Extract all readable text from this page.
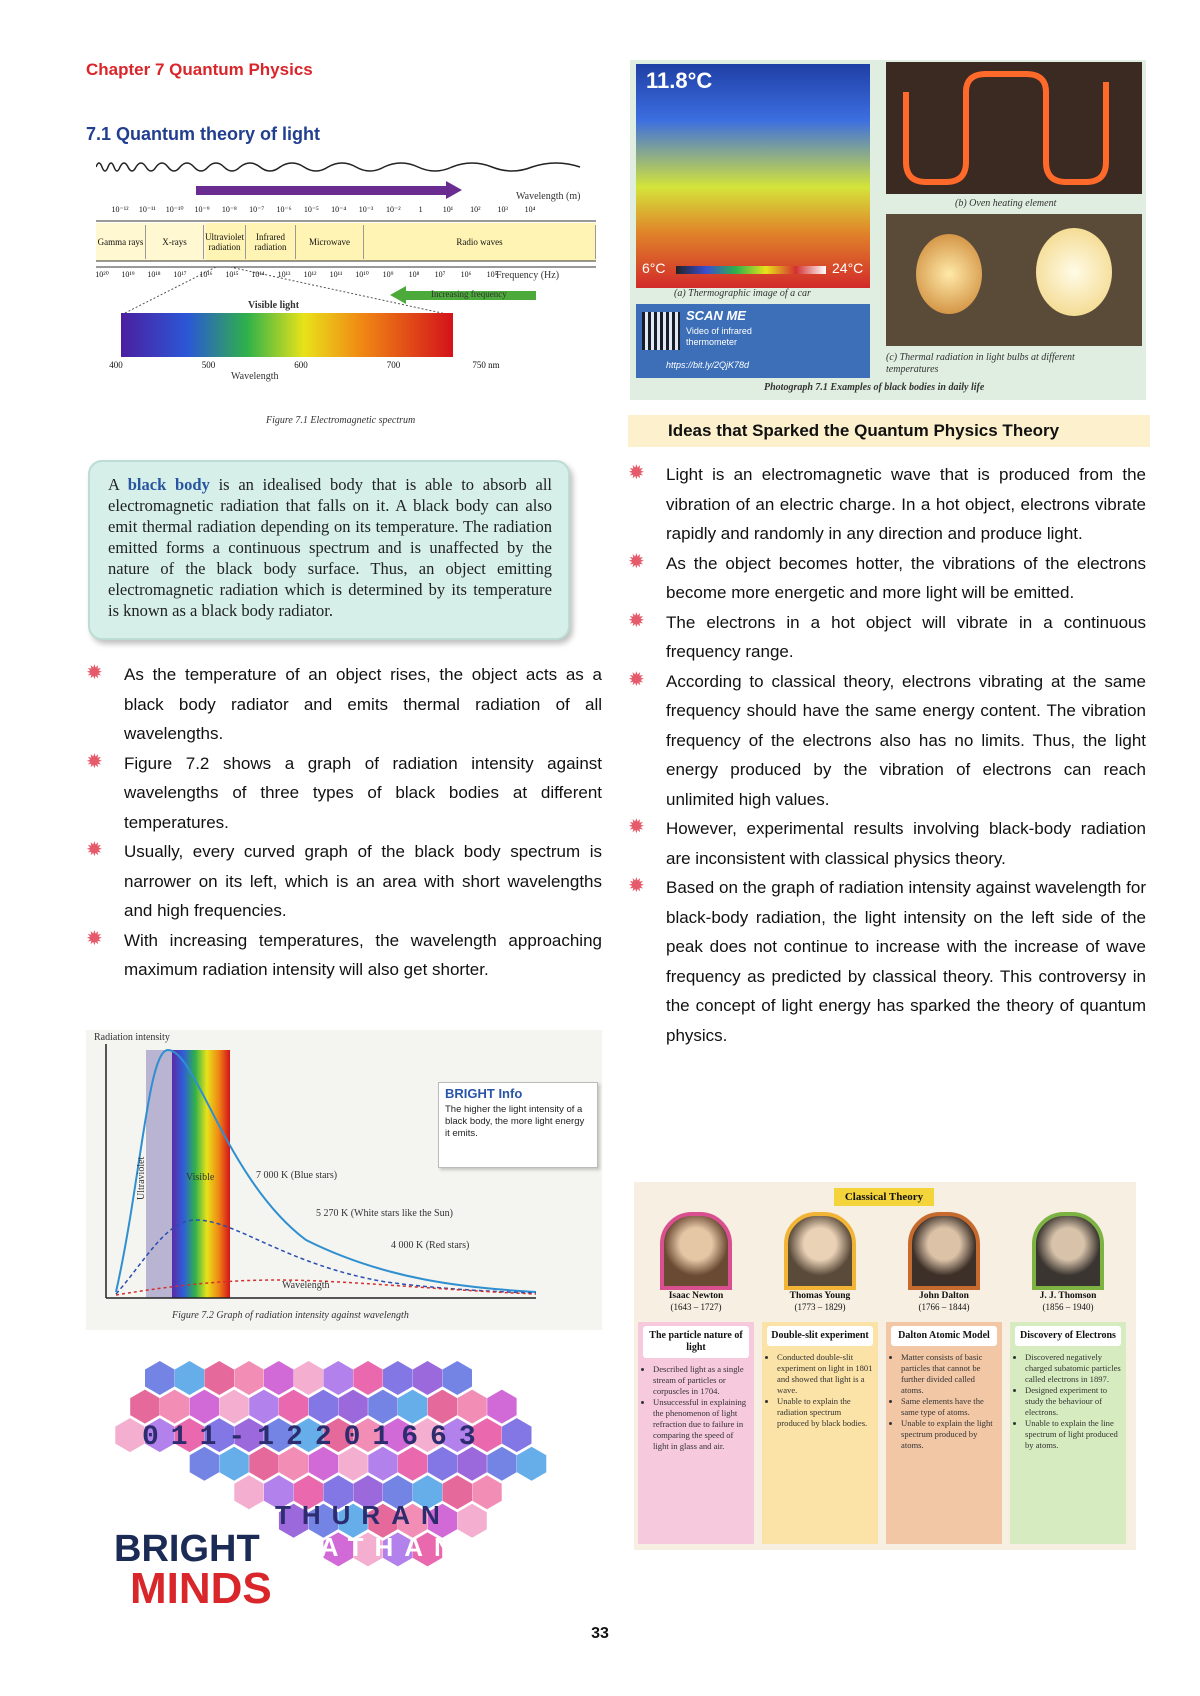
Chapter 7 Quantum Physics
7.1 Quantum theory of light
Increasing wavelength
Wavelength (m)
10⁻¹² 10⁻¹¹ 10⁻¹⁰ 10⁻⁹ 10⁻⁸ 10⁻⁷ 10⁻⁶ 10⁻⁵ 10⁻⁴ 10⁻³ 10⁻² 1	10¹ 10² 10³ 10⁴
Gamma rays	X-rays	Ultraviolet radiation
Infrared radiation	Microwave	Radio waves
10²⁰ 10¹⁹ 10¹⁸ 10¹⁷ 10¹⁶ 10¹⁵ 10¹⁴ 10¹³ 10¹² 10¹¹ 10¹⁰ 10⁹ 10⁸ 10⁷ 10⁶ 10⁵
Frequency (Hz)
Increasing frequency
Visible light
400	500	600	700	750 nm
Wavelength
Figure 7.1 Electromagnetic spectrum
A black body is an idealised body that is able to absorb all electromagnetic radiation that falls on it. A black body can also emit thermal radiation depending on its temperature. The radiation emitted forms a continuous spectrum and is unaffected by the nature of the black body surface. Thus, an object emitting electromagnetic radiation which is determined by its temperature is known as a black body radiator.
✹ As the temperature of an object rises, the object acts as a black body radiator and emits thermal radiation of all wavelengths.
✹ Figure 7.2 shows a graph of radiation intensity against wavelengths of three types of black bodies at different temperatures.
✹ Usually, every curved graph of the black body spectrum is narrower on its left, which is an area with short wavelengths and high frequencies.
✹ With increasing temperatures, the wavelength approaching maximum radiation intensity will also get shorter.
Radiation intensity
Ultraviolet	Visible	7 000 K (Blue stars)
5 270 K (White stars like the Sun)
4 000 K (Red stars)
Wavelength
BRIGHT Info
The higher the light intensity of a black body, the more light energy it emits.
Figure 7.2 Graph of radiation intensity against wavelength
011-12201663
THURAN
NATHAN
BRIGHT
MINDS
11.8°C
6°C	24°C
(a) Thermographic image of a car
(b) Oven heating element
(c) Thermal radiation in light bulbs at different temperatures
SCAN ME
Video of infrared thermometer
https://bit.ly/2QjK78d
Photograph 7.1 Examples of black bodies in daily life
Ideas that Sparked the Quantum Physics Theory
✹ Light is an electromagnetic wave that is produced from the vibration of an electric charge. In a hot object, electrons vibrate rapidly and randomly in any direction and produce light.
✹ As the object becomes hotter, the vibrations of the electrons become more energetic and more light will be emitted.
✹ The electrons in a hot object will vibrate in a continuous frequency range.
✹ According to classical theory, electrons vibrating at the same frequency should have the same energy content. The vibration frequency of the electrons also has no limits. Thus, the light energy produced by the vibration of electrons can reach unlimited high values.
✹ However, experimental results involving black-body radiation are inconsistent with classical physics theory.
✹ Based on the graph of radiation intensity against wavelength for black-body radiation, the light intensity on the left side of the peak does not continue to increase with the increase of wave frequency as predicted by classical theory. This controversy in the concept of light energy has sparked the theory of quantum physics.
Classical Theory
Isaac Newton
(1643 – 1727)
Thomas Young
(1773 – 1829)
John Dalton
(1766 – 1844)
J. J. Thomson
(1856 – 1940)
The particle nature of light
• Described light as a single stream of particles or corpuscles in 1704.
• Unsuccessful in explaining the phenomenon of light refraction due to failure in comparing the speed of light in glass and air.
Double-slit experiment
• Conducted double-slit experiment on light in 1801 and showed that light is a wave.
• Unable to explain the radiation spectrum produced by black bodies.
Dalton Atomic Model
• Matter consists of basic particles that cannot be further divided called atoms.
• Same elements have the same type of atoms.
• Unable to explain the light spectrum produced by atoms.
Discovery of Electrons
• Discovered negatively charged subatomic particles called electrons in 1897.
• Designed experiment to study the behaviour of electrons.
• Unable to explain the line spectrum of light produced by atoms.
33
